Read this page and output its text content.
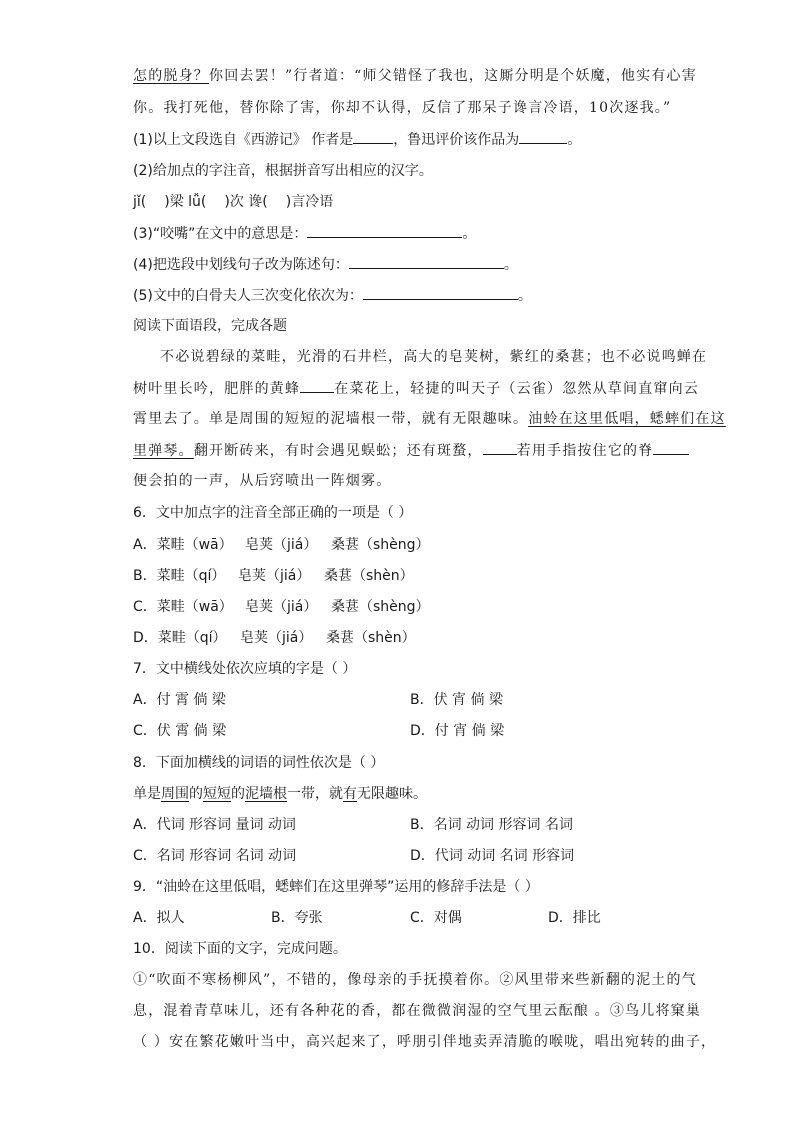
怎的脱身？你回去罢！”行者道：“师父错怪了我也，这厮分明是个妖魔，他实有心害
你。我打死他，替你除了害，你却不认得，反信了那呆子谗言冷语，10次逐我。”
(1)以上文段选自《西游记》 作者是	，鲁迅评价该作品为	。
(2)给加点的字注音，根据拼音写出相应的汉字。
jǐ( )梁 lǚ( )次 谗( )言冷语
(3)“咬嘴”在文中的意思是：	。
(4)把选段中划线句子改为陈述句：	。
(5)文中的白骨夫人三次变化依次为：	。
阅读下面语段，完成各题
不必说碧绿的菜畦，光滑的石井栏，高大的皂荚树，紫红的桑葚；也不必说鸣蝉在
树叶里长吟，肥胖的黄蜂 在菜花上，轻捷的叫天子（云雀）忽然从草间直窜向云
霄里去了。单是周围的短短的泥墙根一带，就有无限趣味。油蛉在这里低唱，蟋蟀们在这
里弹琴。翻开断砖来，有时会遇见蜈蚣；还有斑蝥， 若用手指按住它的脊
便会拍的一声，从后窍喷出一阵烟雾。
6．文中加点字的注音全部正确的一项是（ ）
A．菜畦（wā） 皂荚（jiá） 桑葚（shèng）
B．菜畦（qí） 皂荚（jiá） 桑葚（shèn）
C．菜畦（wā） 皂荚（jiá） 桑葚（shèng）
D．菜畦（qí） 皂荚（jiá） 桑葚（shèn）
7．文中横线处依次应填的字是（ ）
A．付 霄 倘 梁	B．伏 宵 倘 梁
C．伏 霄 倘 梁	D．付 宵 倘 梁
8．下面加横线的词语的词性依次是（ ）
单是周围的短短的泥墙根一带，就有无限趣味。
A．代词 形容词 量词 动词	B．名词 动词 形容词 名词
C．名词 形容词 名词 动词	D．代词 动词 名词 形容词
9．“油蛉在这里低唱，蟋蟀们在这里弹琴”运用的修辞手法是（ ）
A．拟人	B．夸张	C．对偶	D．排比
10．阅读下面的文字，完成问题。
①“吹面不寒杨柳风”，不错的，像母亲的手抚摸着你。②风里带来些新翻的泥土的气
息，混着青草味儿，还有各种花的香，都在微微润湿的空气里云酝酿 。③鸟儿将窠巢
（ ）安在繁花嫩叶当中，高兴起来了，呼朋引伴地卖弄清脆的喉咙，唱出宛转的曲子，
